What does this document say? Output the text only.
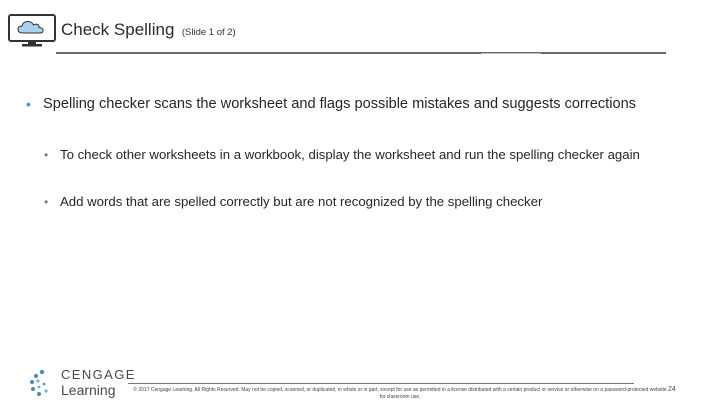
Check Spelling (Slide 1 of 2)
• Spelling checker scans the worksheet and flags possible mistakes and suggests corrections
• To check other worksheets in a workbook, display the worksheet and run the spelling checker again
• Add words that are spelled correctly but are not recognized by the spelling checker
CENGAGE
Learning	© 2017 Cengage Learning. All Rights Reserved. May not be copied, scanned, or duplicated, in whole or in part, except for use as permitted in a license distributed with a certain product or service or otherwise on a password-protected website for classroom use.
24
